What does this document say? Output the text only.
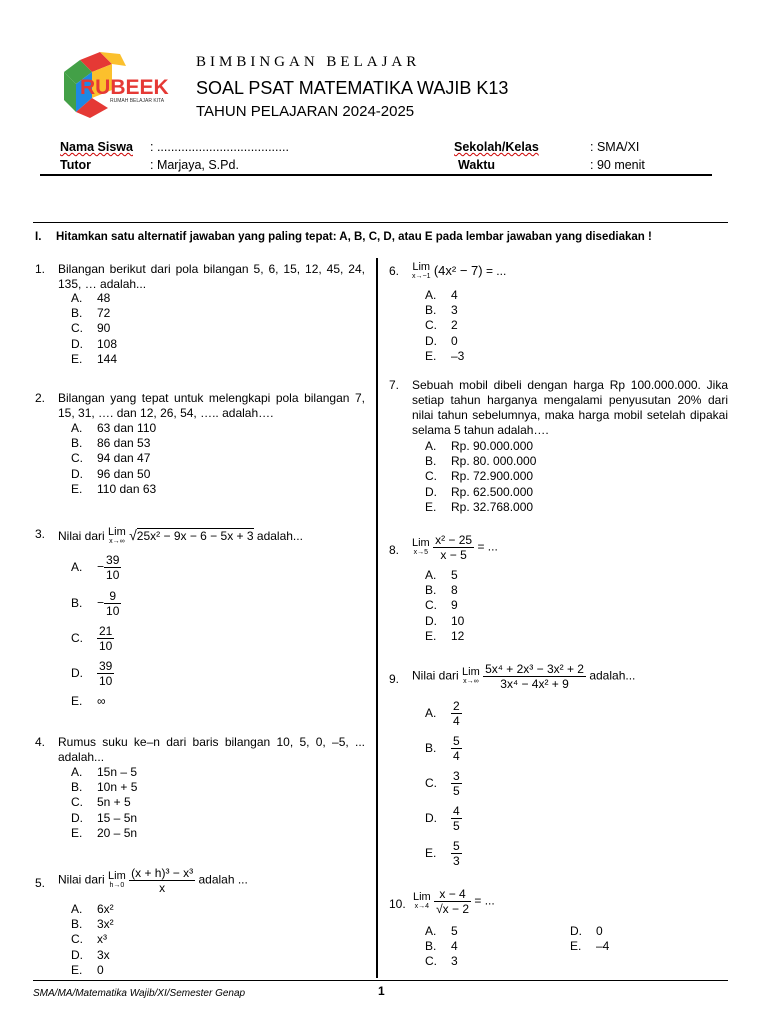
RUBEEK
RUMAH BELAJAR KITA
BIMBINGAN BELAJAR
SOAL PSAT MATEMATIKA WAJIB K13
TAHUN PELAJARAN 2024-2025
Nama Siswa : ......................................
Tutor	: Marjaya, S.Pd.
Sekolah/Kelas	: SMA/XI
Waktu	: 90 menit
I. Hitamkan satu alternatif jawaban yang paling tepat: A, B, C, D, atau E pada lembar jawaban yang disediakan !
1. Bilangan berikut dari pola bilangan 5, 6, 15, 12, 45, 24, 135, … adalah...
A. 48
B. 72
C. 90
D. 108
E. 144
2. Bilangan yang tepat untuk melengkapi pola bilangan 7, 15, 31, …. dan 12, 26, 54, ….. adalah….
A. 63 dan 110
B. 86 dan 53
C. 94 dan 47
D. 96 dan 50
E. 110 dan 63
3. Nilai dari Lim
x→∞ √25x² − 9x − 6 − 5x + 3 adalah...
A. − $\frac{39}{10}$
B. − $\frac{9}{10}$
C. $\frac{21}{10}$
D. $\frac{39}{10}$
E. ∞
4. Rumus suku ke–n dari baris bilangan 10, 5, 0, –5, ... adalah...
A. 15n – 5
B. 10n + 5
C. 5n + 5
D. 15 – 5n
E. 20 – 5n
5. Nilai dari Lim
h→0
$\frac{\text{(x + h)³ − x³}}{x}$ adalah ...
A. 6x²
B. 3x²
C. x³
D. 3x
E. 0
6. Lim
x→−1 (4x² − 7) = ...
A. 4
B. 3
C. 2
D. 0
E. –3
7. Sebuah mobil dibeli dengan harga Rp 100.000.000. Jika setiap tahun harganya mengalami penyusutan 20% dari nilai tahun sebelumnya, maka harga mobil setelah dipakai selama 5 tahun adalah….
A. Rp. 90.000.000
B. Rp. 80. 000.000
C. Rp. 72.900.000
D. Rp. 62.500.000
E. Rp. 32.768.000
8.
Lim
x→5
$\frac{\text{x² − 25}}{x - 5}$ = ...
A. 5
B. 8
C. 9
D. 10
E. 12
9. Nilai dari Lim
x→∞
$\frac{\text{5x⁴ + 2x³ − 3x² + 2}}{\text{3x⁴ − 4x² + 9}}$ adalah...
A. $\frac{2}{4}$
B. $\frac{5}{4}$
C. $\frac{3}{5}$
D. $\frac{4}{5}$
E. $\frac{5}{3}$
10.
Lim
x→4
$\frac{x - 4}{√x - 2}$ = ...
A. 5
B. 4
C. 3
D. 0
E. –4
SMA/MA/Matematika Wajib/XI/Semester Genap	1
